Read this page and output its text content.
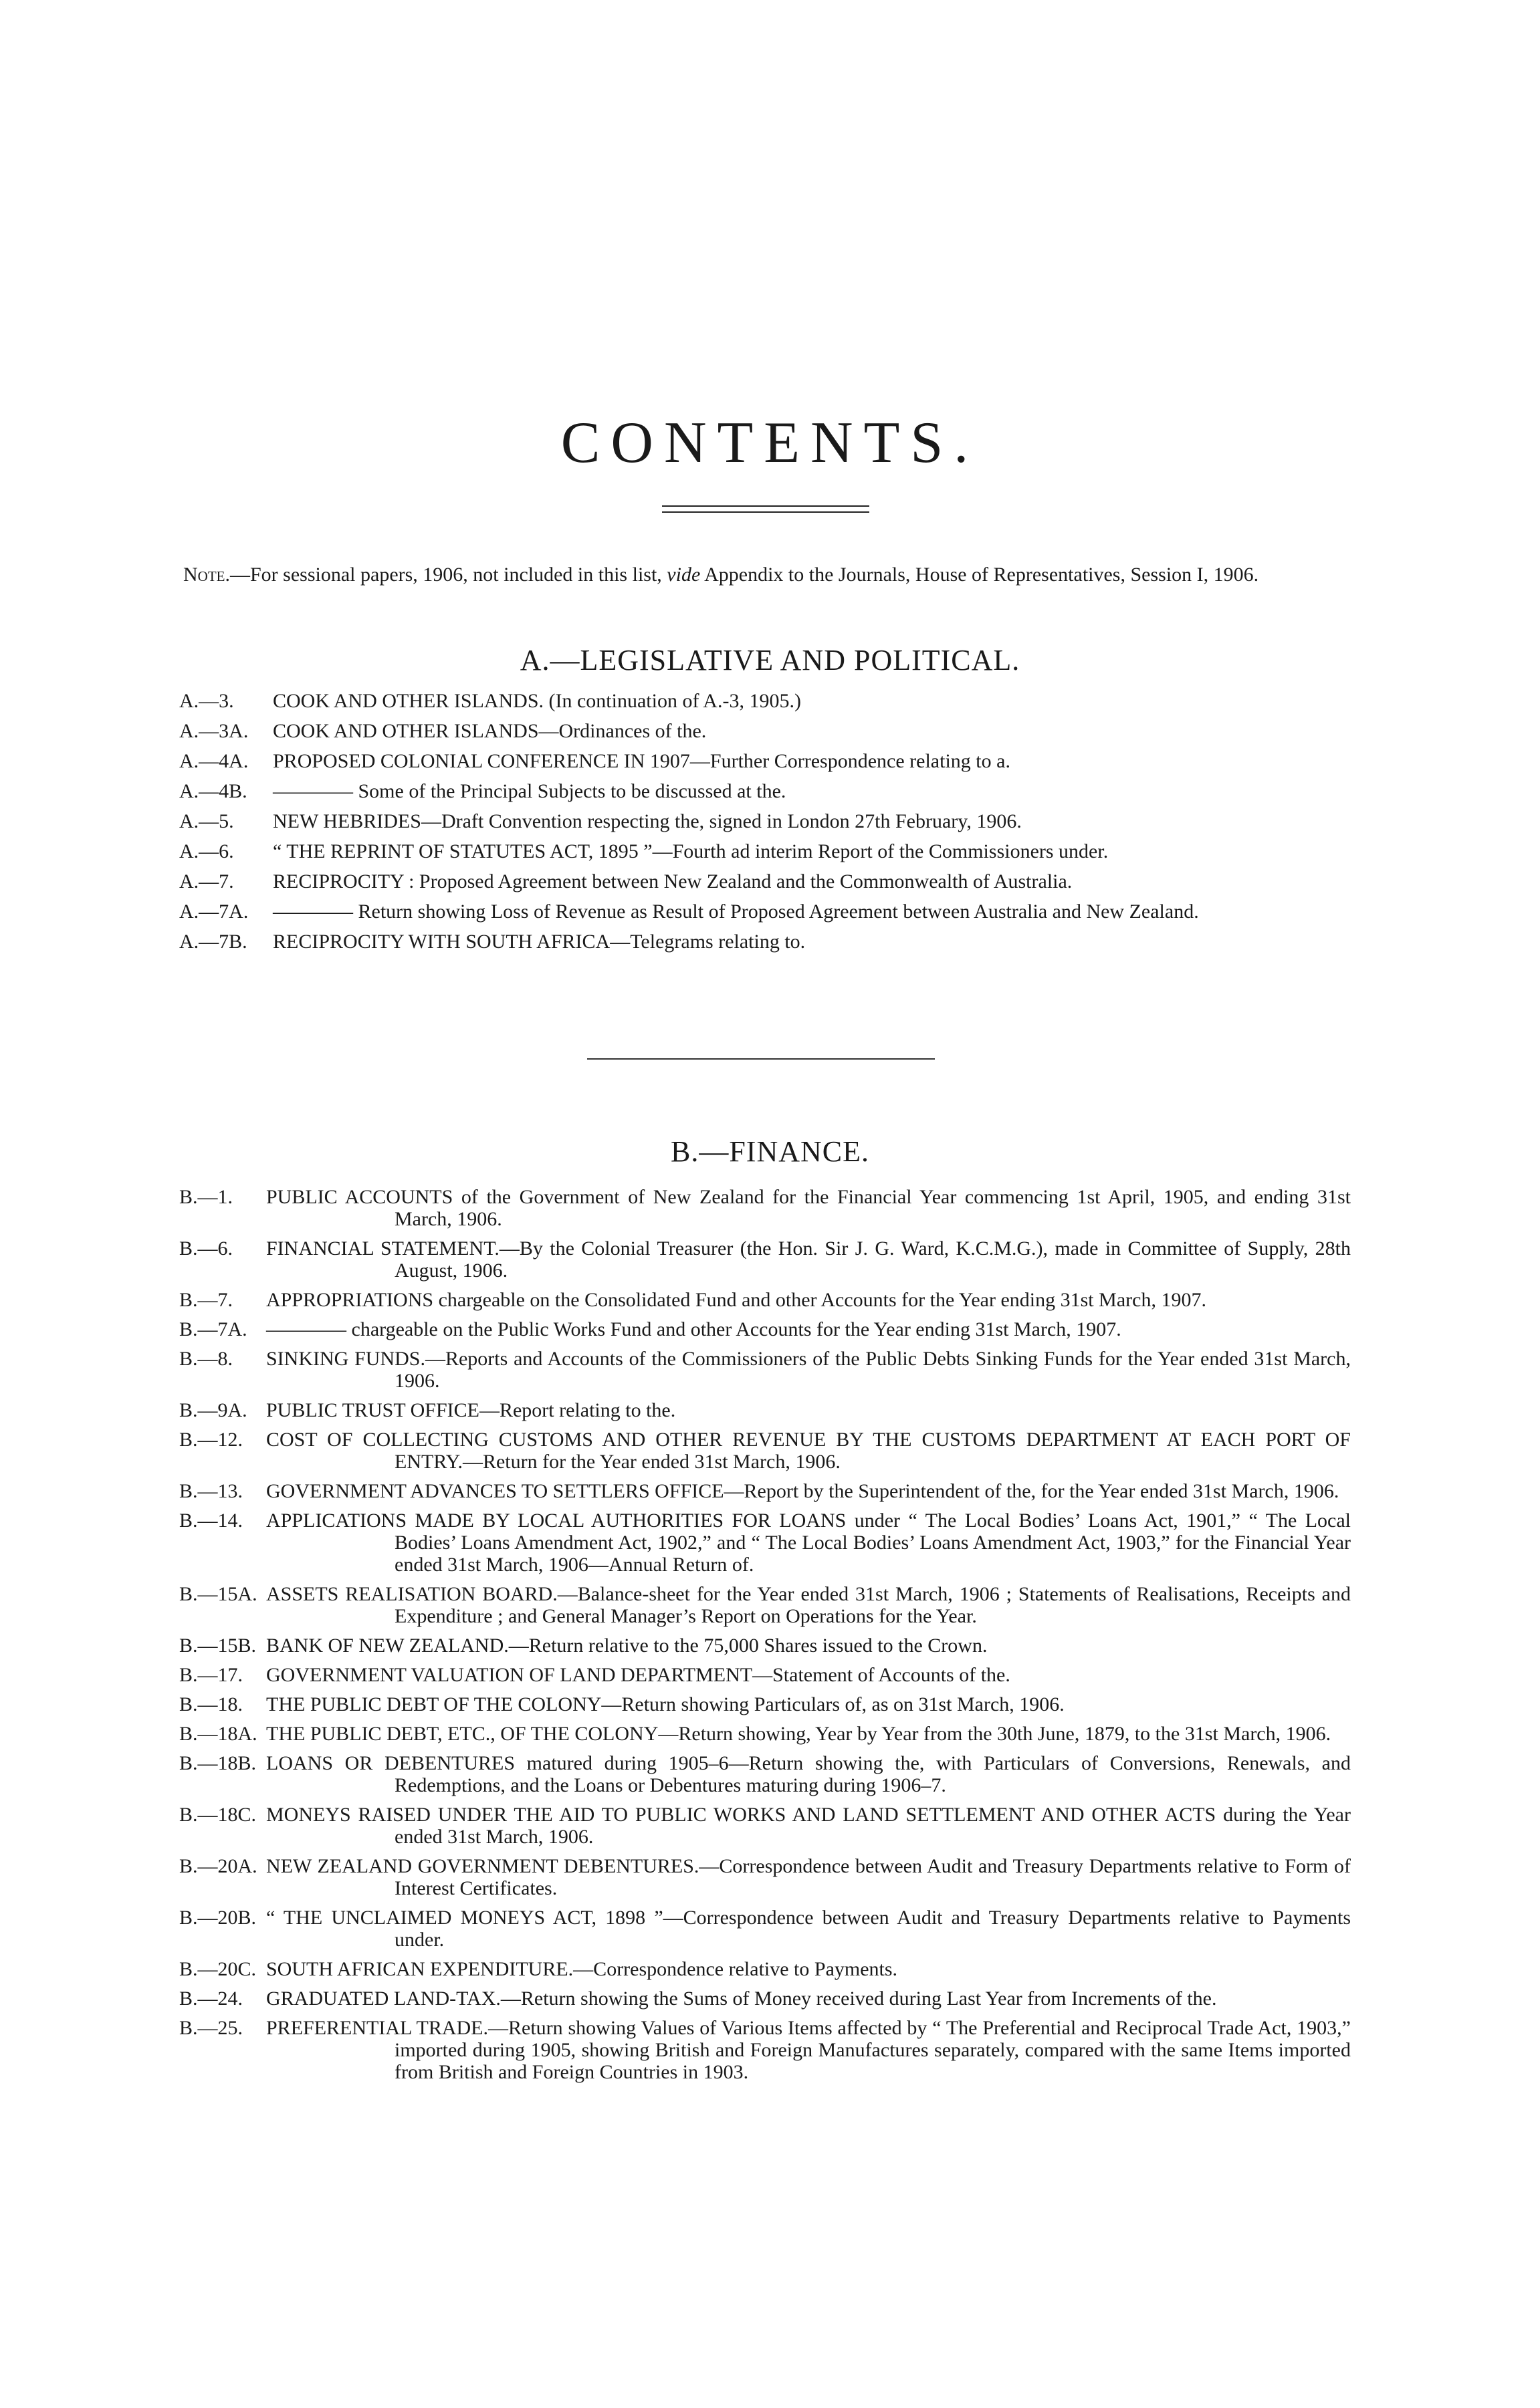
CONTENTS.
Note.—For sessional papers, 1906, not included in this list, vide Appendix to the Journals, House of Representatives, Session I, 1906.
A.—LEGISLATIVE AND POLITICAL.
A.—3. COOK AND OTHER ISLANDS. (In continuation of A.-3, 1905.)
A.—3A. COOK AND OTHER ISLANDS—Ordinances of the.
A.—4A. PROPOSED COLONIAL CONFERENCE IN 1907—Further Correspondence relating to a.
A.—4B. ———— Some of the Principal Subjects to be discussed at the.
A.—5. NEW HEBRIDES—Draft Convention respecting the, signed in London 27th February, 1906.
A.—6. “ THE REPRINT OF STATUTES ACT, 1895 ”—Fourth ad interim Report of the Commissioners under.
A.—7. RECIPROCITY : Proposed Agreement between New Zealand and the Commonwealth of Australia.
A.—7A. ———— Return showing Loss of Revenue as Result of Proposed Agreement between Australia and New Zealand.
A.—7B. RECIPROCITY WITH SOUTH AFRICA—Telegrams relating to.
B.—FINANCE.
B.—1. PUBLIC ACCOUNTS of the Government of New Zealand for the Financial Year commencing 1st April, 1905, and ending 31st March, 1906.
B.—6. FINANCIAL STATEMENT.—By the Colonial Treasurer (the Hon. Sir J. G. Ward, K.C.M.G.), made in Committee of Supply, 28th August, 1906.
B.—7. APPROPRIATIONS chargeable on the Consolidated Fund and other Accounts for the Year ending 31st March, 1907.
B.—7A. ———— chargeable on the Public Works Fund and other Accounts for the Year ending 31st March, 1907.
B.—8. SINKING FUNDS.—Reports and Accounts of the Commissioners of the Public Debts Sinking Funds for the Year ended 31st March, 1906.
B.—9A. PUBLIC TRUST OFFICE—Report relating to the.
B.—12. COST OF COLLECTING CUSTOMS AND OTHER REVENUE BY THE CUSTOMS DEPARTMENT AT EACH PORT OF ENTRY.—Return for the Year ended 31st March, 1906.
B.—13. GOVERNMENT ADVANCES TO SETTLERS OFFICE—Report by the Superintendent of the, for the Year ended 31st March, 1906.
B.—14. APPLICATIONS MADE BY LOCAL AUTHORITIES FOR LOANS under “ The Local Bodies’ Loans Act, 1901,” “ The Local Bodies’ Loans Amendment Act, 1902,” and “ The Local Bodies’ Loans Amendment Act, 1903,” for the Financial Year ended 31st March, 1906—Annual Return of.
B.—15A. ASSETS REALISATION BOARD.—Balance-sheet for the Year ended 31st March, 1906 ; Statements of Realisations, Receipts and Expenditure ; and General Manager’s Report on Operations for the Year.
B.—15B. BANK OF NEW ZEALAND.—Return relative to the 75,000 Shares issued to the Crown.
B.—17. GOVERNMENT VALUATION OF LAND DEPARTMENT—Statement of Accounts of the.
B.—18. THE PUBLIC DEBT OF THE COLONY—Return showing Particulars of, as on 31st March, 1906.
B.—18A. THE PUBLIC DEBT, ETC., OF THE COLONY—Return showing, Year by Year from the 30th June, 1879, to the 31st March, 1906.
B.—18B. LOANS OR DEBENTURES matured during 1905–6—Return showing the, with Particulars of Conversions, Renewals, and Redemptions, and the Loans or Debentures maturing during 1906–7.
B.—18C. MONEYS RAISED UNDER THE AID TO PUBLIC WORKS AND LAND SETTLEMENT AND OTHER ACTS during the Year ended 31st March, 1906.
B.—20A. NEW ZEALAND GOVERNMENT DEBENTURES.—Correspondence between Audit and Treasury Departments relative to Form of Interest Certificates.
B.—20B. “ THE UNCLAIMED MONEYS ACT, 1898 ”—Correspondence between Audit and Treasury Departments relative to Payments under.
B.—20C. SOUTH AFRICAN EXPENDITURE.—Correspondence relative to Payments.
B.—24. GRADUATED LAND-TAX.—Return showing the Sums of Money received during Last Year from Increments of the.
B.—25. PREFERENTIAL TRADE.—Return showing Values of Various Items affected by “ The Preferential and Reciprocal Trade Act, 1903,” imported during 1905, showing British and Foreign Manufactures separately, compared with the same Items imported from British and Foreign Countries in 1903.
